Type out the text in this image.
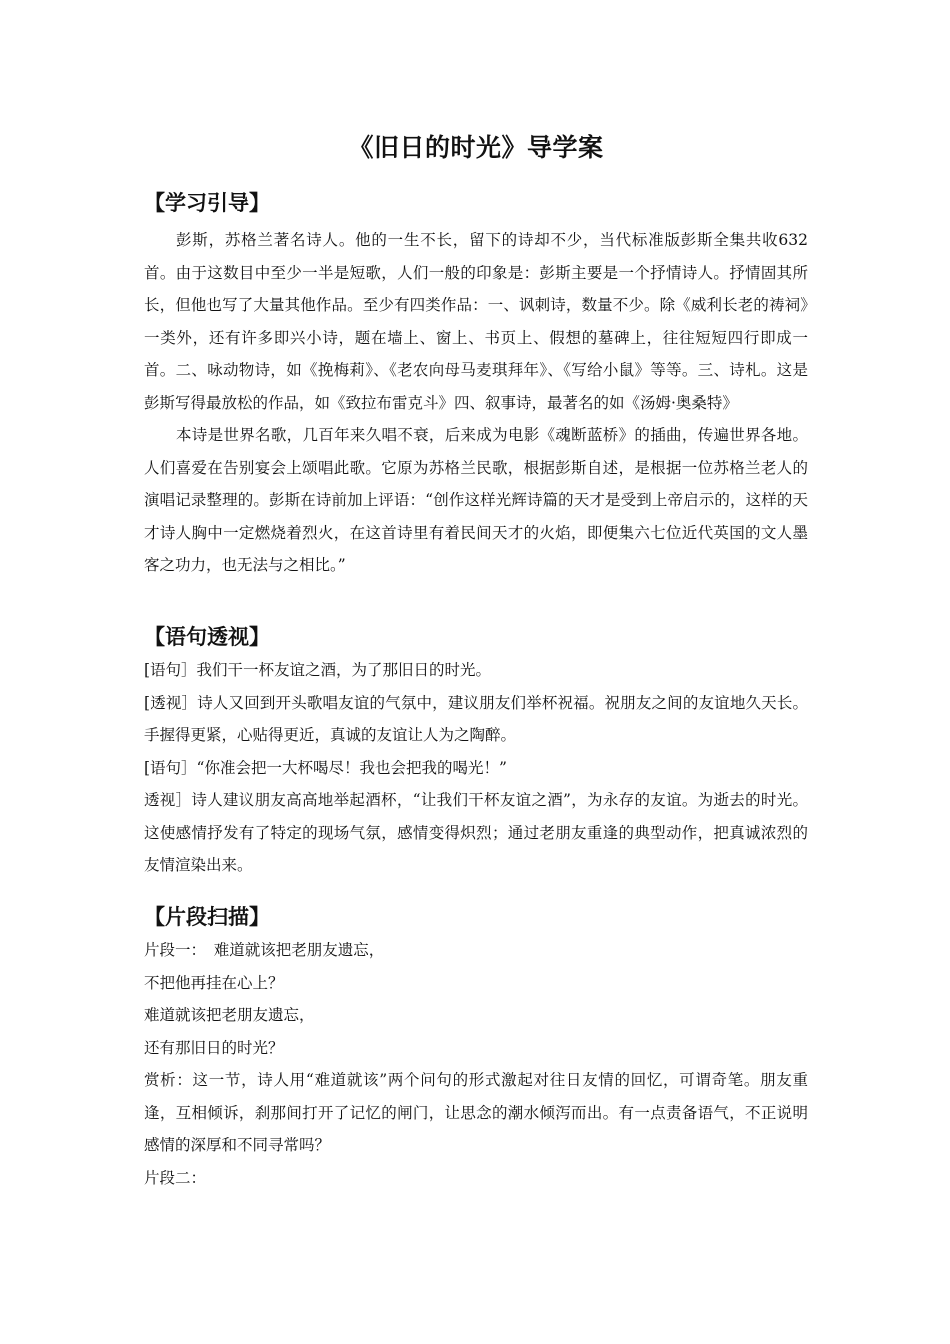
《旧日的时光》导学案

【学习引导】

彭斯，苏格兰著名诗人。他的一生不长，留下的诗却不少，当代标准版彭斯全集共收632首。由于这数目中至少一半是短歌，人们一般的印象是：彭斯主要是一个抒情诗人。抒情固其所长，但他也写了大量其他作品。至少有四类作品：一、讽刺诗，数量不少。除《威利长老的祷祠》一类外，还有许多即兴小诗，题在墙上、窗上、书页上、假想的墓碑上，往往短短四行即成一首。二、咏动物诗，如《挽梅莉》、《老农向母马麦琪拜年》、《写给小鼠》等等。三、诗札。这是彭斯写得最放松的作品，如《致拉布雷克斗》四、叙事诗，最著名的如《汤姆·奥桑特》

本诗是世界名歌，几百年来久唱不衰，后来成为电影《魂断蓝桥》的插曲，传遍世界各地。人们喜爱在告别宴会上颂唱此歌。它原为苏格兰民歌，根据彭斯自述，是根据一位苏格兰老人的演唱记录整理的。彭斯在诗前加上评语：“创作这样光辉诗篇的天才是受到上帝启示的，这样的天才诗人胸中一定燃烧着烈火，在这首诗里有着民间天才的火焰，即便集六七位近代英国的文人墨客之功力，也无法与之相比。”

【语句透视】

[语句］我们干一杯友谊之酒，为了那旧日的时光。

[透视］诗人又回到开头歌唱友谊的气氛中，建议朋友们举杯祝福。祝朋友之间的友谊地久天长。手握得更紧，心贴得更近，真诚的友谊让人为之陶醉。

[语句］“你准会把一大杯喝尽！我也会把我的喝光！”

透视］诗人建议朋友高高地举起酒杯，“让我们干杯友谊之酒”，为永存的友谊。为逝去的时光。这使感情抒发有了特定的现场气氛，感情变得炽烈；通过老朋友重逢的典型动作，把真诚浓烈的友情渲染出来。

【片段扫描】

片段一：　难道就该把老朋友遗忘，

不把他再挂在心上？

难道就该把老朋友遗忘，

还有那旧日的时光？

赏析：这一节，诗人用“难道就该”两个问句的形式激起对往日友情的回忆，可谓奇笔。朋友重逢，互相倾诉，刹那间打开了记忆的闸门，让思念的潮水倾泻而出。有一点责备语气，不正说明感情的深厚和不同寻常吗？

片段二：
